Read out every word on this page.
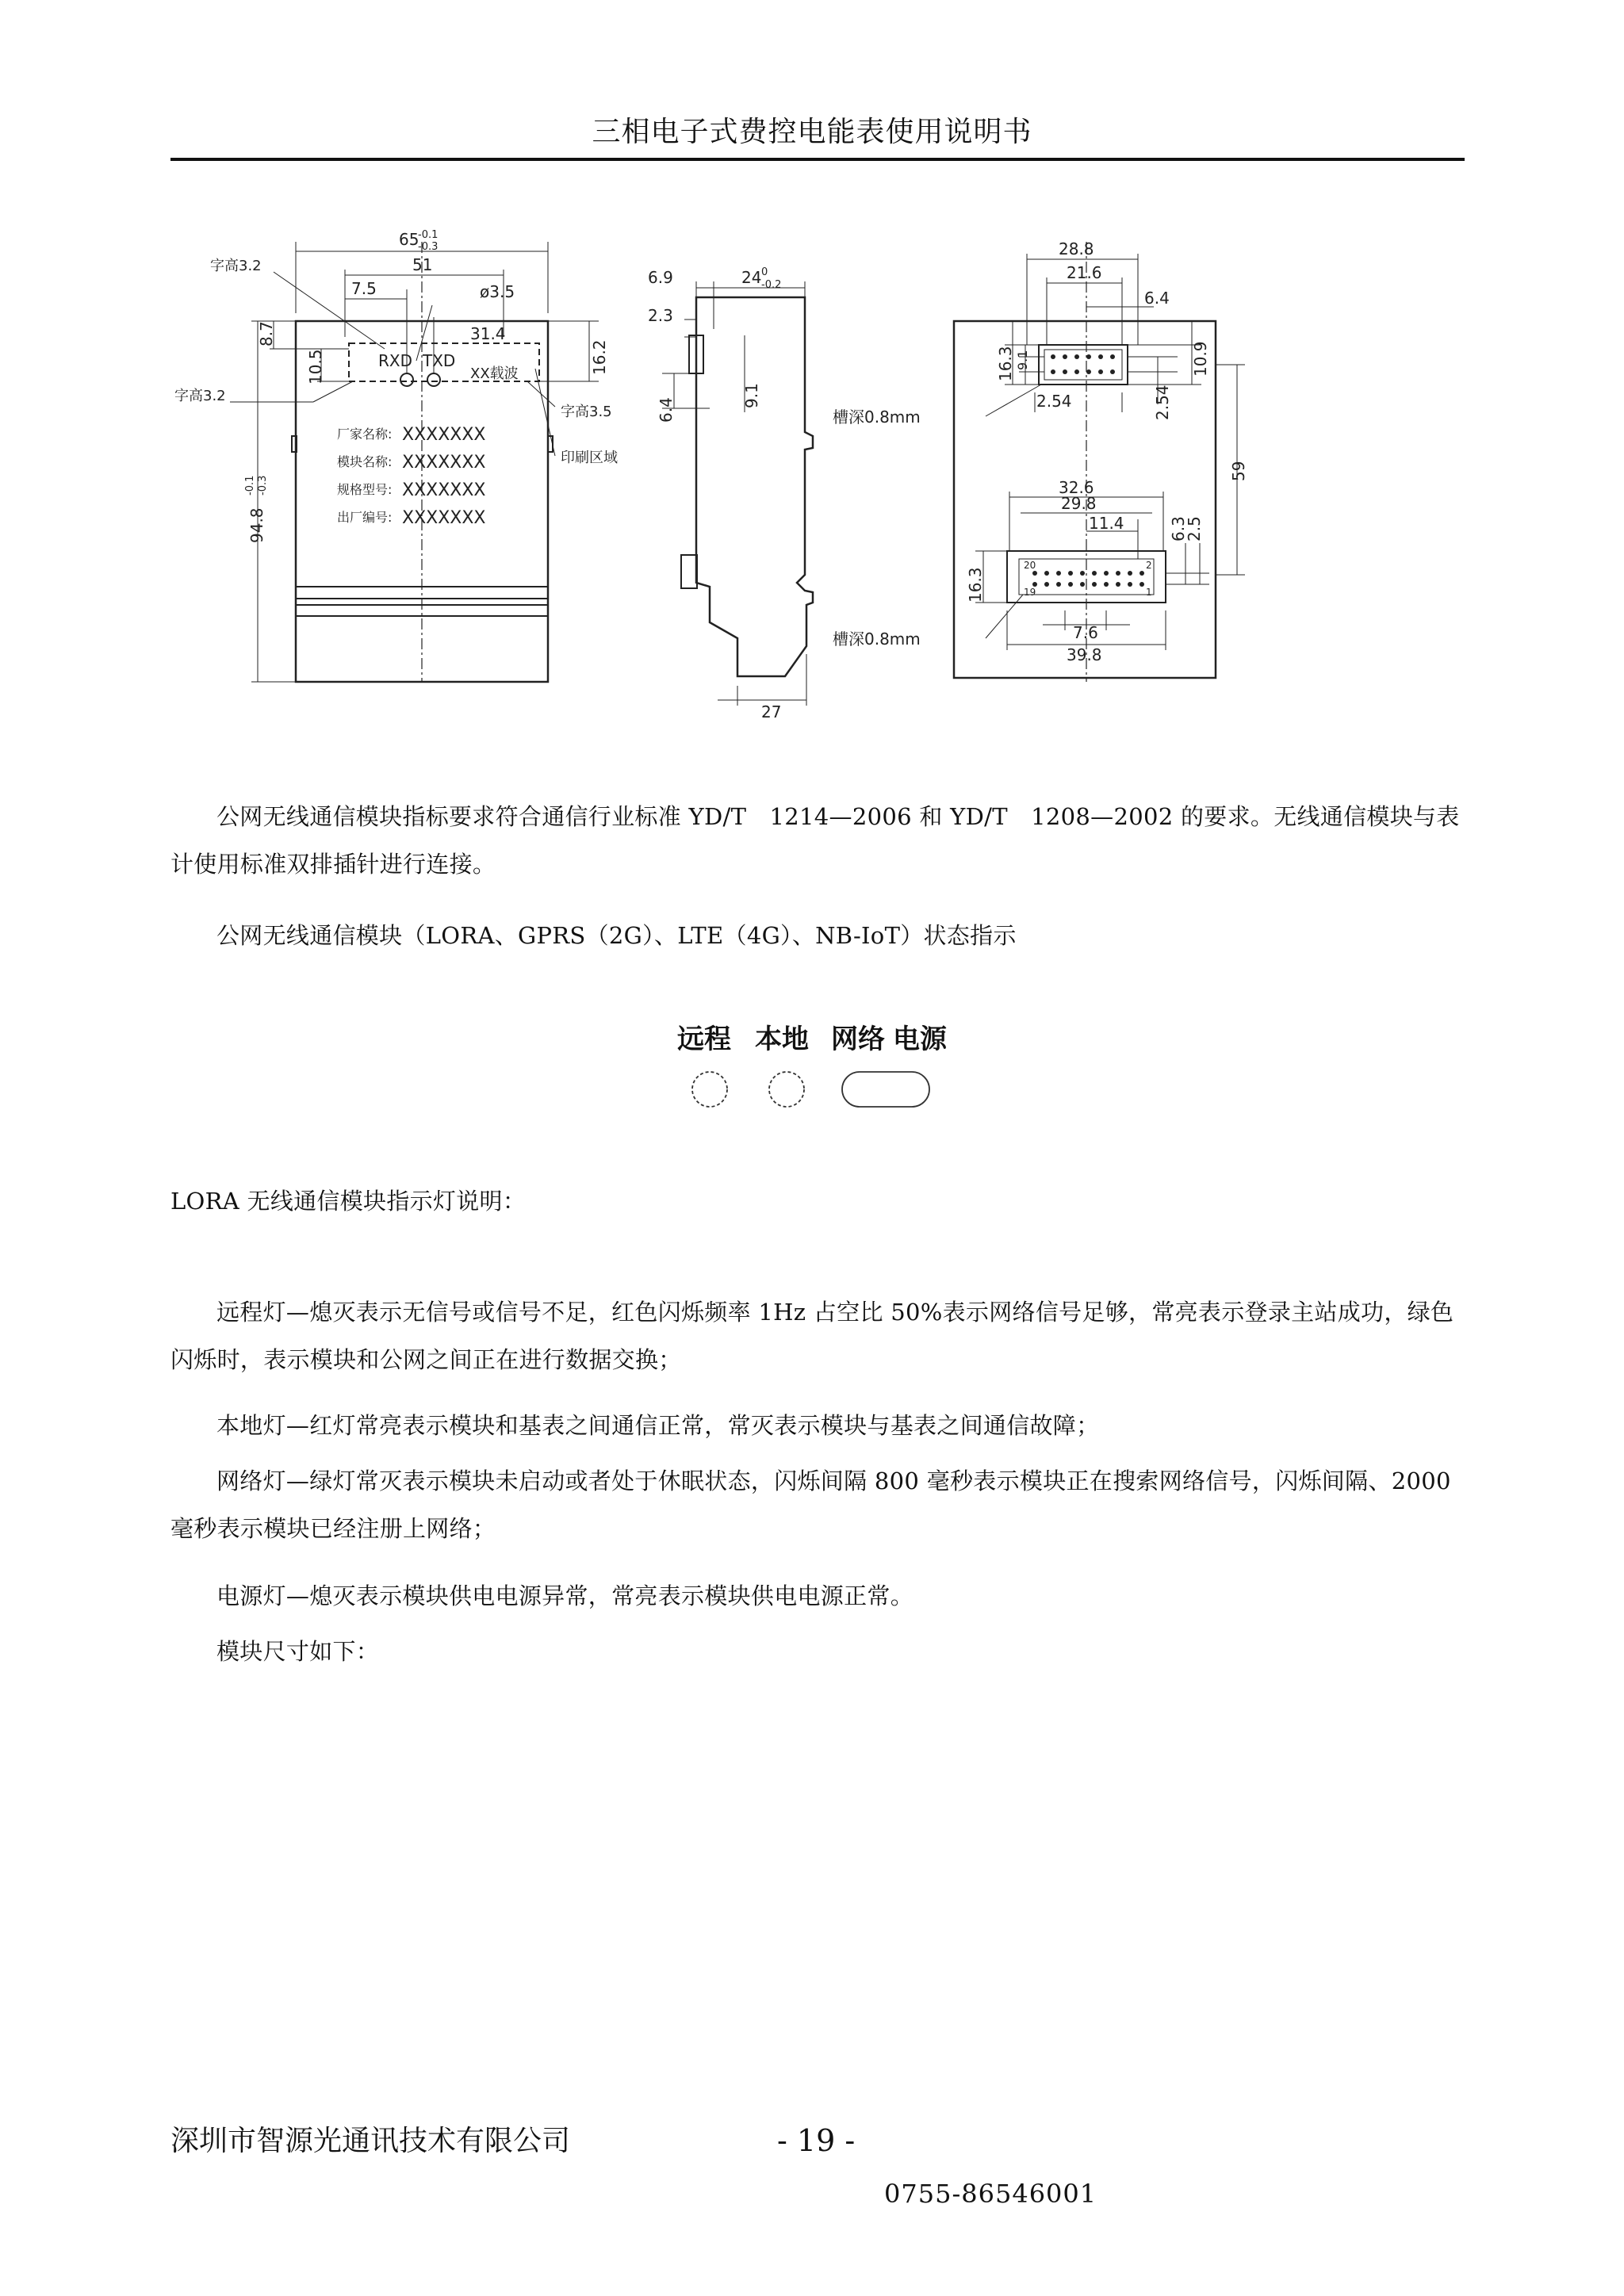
三相电子式费控电能表使用说明书
65
-0.1
-0.3
51
7.5	ø3.5
31.4
8.7
10.5	16.2
94.8
-0.1 -0.3
字高3.2
字高3.2
RXD TXD
XX载波
字高3.5
印刷区域
厂家名称:
模块名称:
规格型号:
出厂编号:
XXXXXXX
XXXXXXX
XXXXXXX
XXXXXXX
6.9	24 0
-0.2
2.3
6.4
9.1
27
28.8
21.6
6.4
10.9
16.3 9.1
2.54	2.54
59
32.6
29.8
11.4	6.3
2.5
16.3
7.6
39.8
槽深0.8mm
槽深0.8mm
20	2
19	1
公网无线通信模块指标要求符合通信行业标准 YD/T　1214—2006 和 YD/T　1208—2002 的要求。无线通信模块与表计使用标准双排插针进行连接。
公网无线通信模块（LORA、GPRS（2G）、LTE（4G）、NB-IoT）状态指示
远程 本地 网络 电源
LORA 无线通信模块指示灯说明：
远程灯—熄灭表示无信号或信号不足，红色闪烁频率 1Hz 占空比 50%表示网络信号足够，常亮表示登录主站成功，绿色闪烁时，表示模块和公网之间正在进行数据交换；
本地灯—红灯常亮表示模块和基表之间通信正常，常灭表示模块与基表之间通信故障；
网络灯—绿灯常灭表示模块未启动或者处于休眠状态，闪烁间隔 800 毫秒表示模块正在搜索网络信号，闪烁间隔、2000 毫秒表示模块已经注册上网络；
电源灯—熄灭表示模块供电电源异常，常亮表示模块供电电源正常。
模块尺寸如下：
深圳市智源光通讯技术有限公司	- 19 -
0755-86546001
